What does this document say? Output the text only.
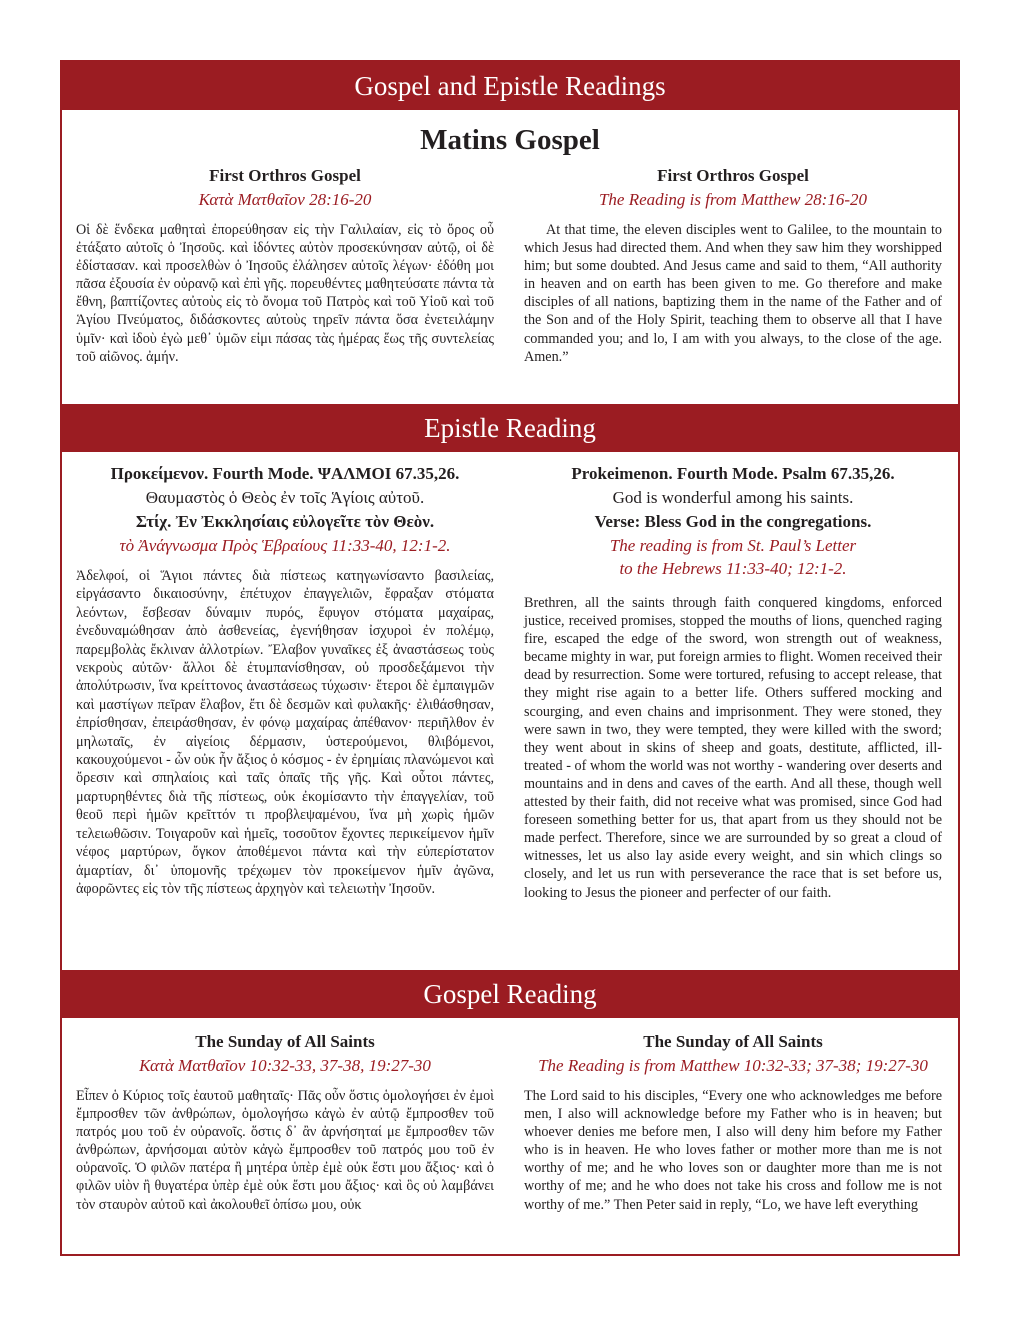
Gospel and Epistle Readings
Matins Gospel
First Orthros Gospel
Κατὰ Ματθαῖον 28:16-20
Οἱ δὲ ἕνδεκα μαθηταὶ ἐπορεύθησαν εἰς τὴν Γαλιλαίαν, εἰς τὸ ὄρος οὗ ἐτάξατο αὐτοῖς ὁ Ἰησοῦς. καὶ ἰδόντες αὐτὸν προσεκύνησαν αὐτῷ, οἱ δὲ ἐδίστασαν. καὶ προσελθὼν ὁ Ἰησοῦς ἐλάλησεν αὐτοῖς λέγων· ἐδόθη μοι πᾶσα ἐξουσία ἐν οὐρανῷ καὶ ἐπὶ γῆς. πορευθέντες μαθητεύσατε πάντα τὰ ἔθνη, βαπτίζοντες αὐτοὺς εἰς τὸ ὄνομα τοῦ Πατρὸς καὶ τοῦ Υἱοῦ καὶ τοῦ Ἁγίου Πνεύματος, διδάσκοντες αὐτοὺς τηρεῖν πάντα ὅσα ἐνετειλάμην ὑμῖν· καὶ ἰδοὺ ἐγὼ μεθ᾿ ὑμῶν εἰμι πάσας τὰς ἡμέρας ἕως τῆς συντελείας τοῦ αἰῶνος. ἀμήν.
First Orthros Gospel
The Reading is from Matthew 28:16-20
At that time, the eleven disciples went to Galilee, to the mountain to which Jesus had directed them. And when they saw him they worshipped him; but some doubted. And Jesus came and said to them, “All authority in heaven and on earth has been given to me. Go therefore and make disciples of all nations, baptizing them in the name of the Father and of the Son and of the Holy Spirit, teaching them to observe all that I have commanded you; and lo, I am with you always, to the close of the age. Amen.”
Epistle Reading
Προκείμενον. Fourth Mode. ΨΑΛΜΟΙ 67.35,26.
Θαυμαστὸς ὁ Θεὸς ἐν τοῖς Ἁγίοις αὐτοῦ.
Στίχ. Ἐν Ἐκκλησίαις εὐλογεῖτε τὸν Θεὸν.
τὸ Ἀνάγνωσμα Πρὸς Ἑβραίους 11:33-40, 12:1-2.
Ἀδελφοί, οἱ Ἅγιοι πάντες διὰ πίστεως κατηγωνίσαντο βασιλείας, εἰργάσαντο δικαιοσύνην, ἐπέτυχον ἐπαγγελιῶν, ἔφραξαν στόματα λεόντων, ἔσβεσαν δύναμιν πυρός, ἔφυγον στόματα μαχαίρας, ἐνεδυναμώθησαν ἀπὸ ἀσθενείας, ἐγενήθησαν ἰσχυροὶ ἐν πολέμῳ, παρεμβολὰς ἔκλιναν ἀλλοτρίων. Ἔλαβον γυναῖκες ἐξ ἀναστάσεως τοὺς νεκροὺς αὐτῶν· ἄλλοι δὲ ἐτυμπανίσθησαν, οὐ προσδεξάμενοι τὴν ἀπολύτρωσιν, ἵνα κρείττονος ἀναστάσεως τύχωσιν· ἕτεροι δὲ ἐμπαιγμῶν καὶ μαστίγων πεῖραν ἔλαβον, ἔτι δὲ δεσμῶν καὶ φυλακῆς· ἐλιθάσθησαν, ἐπρίσθησαν, ἐπειράσθησαν, ἐν φόνῳ μαχαίρας ἀπέθανον· περιῆλθον ἐν μηλωταῖς, ἐν αἰγείοις δέρμασιν, ὑστερούμενοι, θλιβόμενοι, κακουχούμενοι - ὧν οὐκ ἦν ἄξιος ὁ κόσμος - ἐν ἐρημίαις πλανώμενοι καὶ ὄρεσιν καὶ σπηλαίοις καὶ ταῖς ὀπαῖς τῆς γῆς. Καὶ οὗτοι πάντες, μαρτυρηθέντες διὰ τῆς πίστεως, οὐκ ἐκομίσαντο τὴν ἐπαγγελίαν, τοῦ θεοῦ περὶ ἡμῶν κρεῖττόν τι προβλεψαμένου, ἵνα μὴ χωρὶς ἡμῶν τελειωθῶσιν. Τοιγαροῦν καὶ ἡμεῖς, τοσοῦτον ἔχοντες περικείμενον ἡμῖν νέφος μαρτύρων, ὄγκον ἀποθέμενοι πάντα καὶ τὴν εὐπερίστατον ἁμαρτίαν, δι᾿ ὑπομονῆς τρέχωμεν τὸν προκείμενον ἡμῖν ἀγῶνα, ἀφορῶντες εἰς τὸν τῆς πίστεως ἀρχηγὸν καὶ τελειωτὴν Ἰησοῦν.
Prokeimenon. Fourth Mode. Psalm 67.35,26.
God is wonderful among his saints.
Verse: Bless God in the congregations.
The reading is from St. Paul’s Letter
to the Hebrews 11:33-40; 12:1-2.
Brethren, all the saints through faith conquered kingdoms, enforced justice, received promises, stopped the mouths of lions, quenched raging fire, escaped the edge of the sword, won strength out of weakness, became mighty in war, put foreign armies to flight. Women received their dead by resurrection. Some were tortured, refusing to accept release, that they might rise again to a better life. Others suffered mocking and scourging, and even chains and imprisonment. They were stoned, they were sawn in two, they were tempted, they were killed with the sword; they went about in skins of sheep and goats, destitute, afflicted, ill-treated - of whom the world was not worthy - wandering over deserts and mountains and in dens and caves of the earth. And all these, though well attested by their faith, did not receive what was promised, since God had foreseen something better for us, that apart from us they should not be made perfect. Therefore, since we are surrounded by so great a cloud of witnesses, let us also lay aside every weight, and sin which clings so closely, and let us run with perseverance the race that is set before us, looking to Jesus the pioneer and perfecter of our faith.
Gospel Reading
The Sunday of All Saints
Κατὰ Ματθαῖον 10:32-33, 37-38, 19:27-30
Εἶπεν ὁ Κύριος τοῖς ἑαυτοῦ μαθηταῖς· Πᾶς οὖν ὅστις ὁμολογήσει ἐν ἐμοὶ ἔμπροσθεν τῶν ἀνθρώπων, ὁμολογήσω κἀγὼ ἐν αὐτῷ ἔμπροσθεν τοῦ πατρός μου τοῦ ἐν οὐρανοῖς. ὅστις δ᾿ ἂν ἀρνήσηταί με ἔμπροσθεν τῶν ἀνθρώπων, ἀρνήσομαι αὐτὸν κἀγὼ ἔμπροσθεν τοῦ πατρός μου τοῦ ἐν οὐρανοῖς. Ὁ φιλῶν πατέρα ἢ μητέρα ὑπὲρ ἐμὲ οὐκ ἔστι μου ἄξιος· καὶ ὁ φιλῶν υἱὸν ἢ θυγατέρα ὑπὲρ ἐμὲ οὐκ ἔστι μου ἄξιος· καὶ ὃς οὐ λαμβάνει τὸν σταυρὸν αὐτοῦ καὶ ἀκολουθεῖ ὀπίσω μου, οὐκ
The Sunday of All Saints
The Reading is from Matthew 10:32-33; 37-38; 19:27-30
The Lord said to his disciples, “Every one who acknowledges me before men, I also will acknowledge before my Father who is in heaven; but whoever denies me before men, I also will deny him before my Father who is in heaven. He who loves father or mother more than me is not worthy of me; and he who loves son or daughter more than me is not worthy of me; and he who does not take his cross and follow me is not worthy of me.” Then Peter said in reply, “Lo, we have left everything
